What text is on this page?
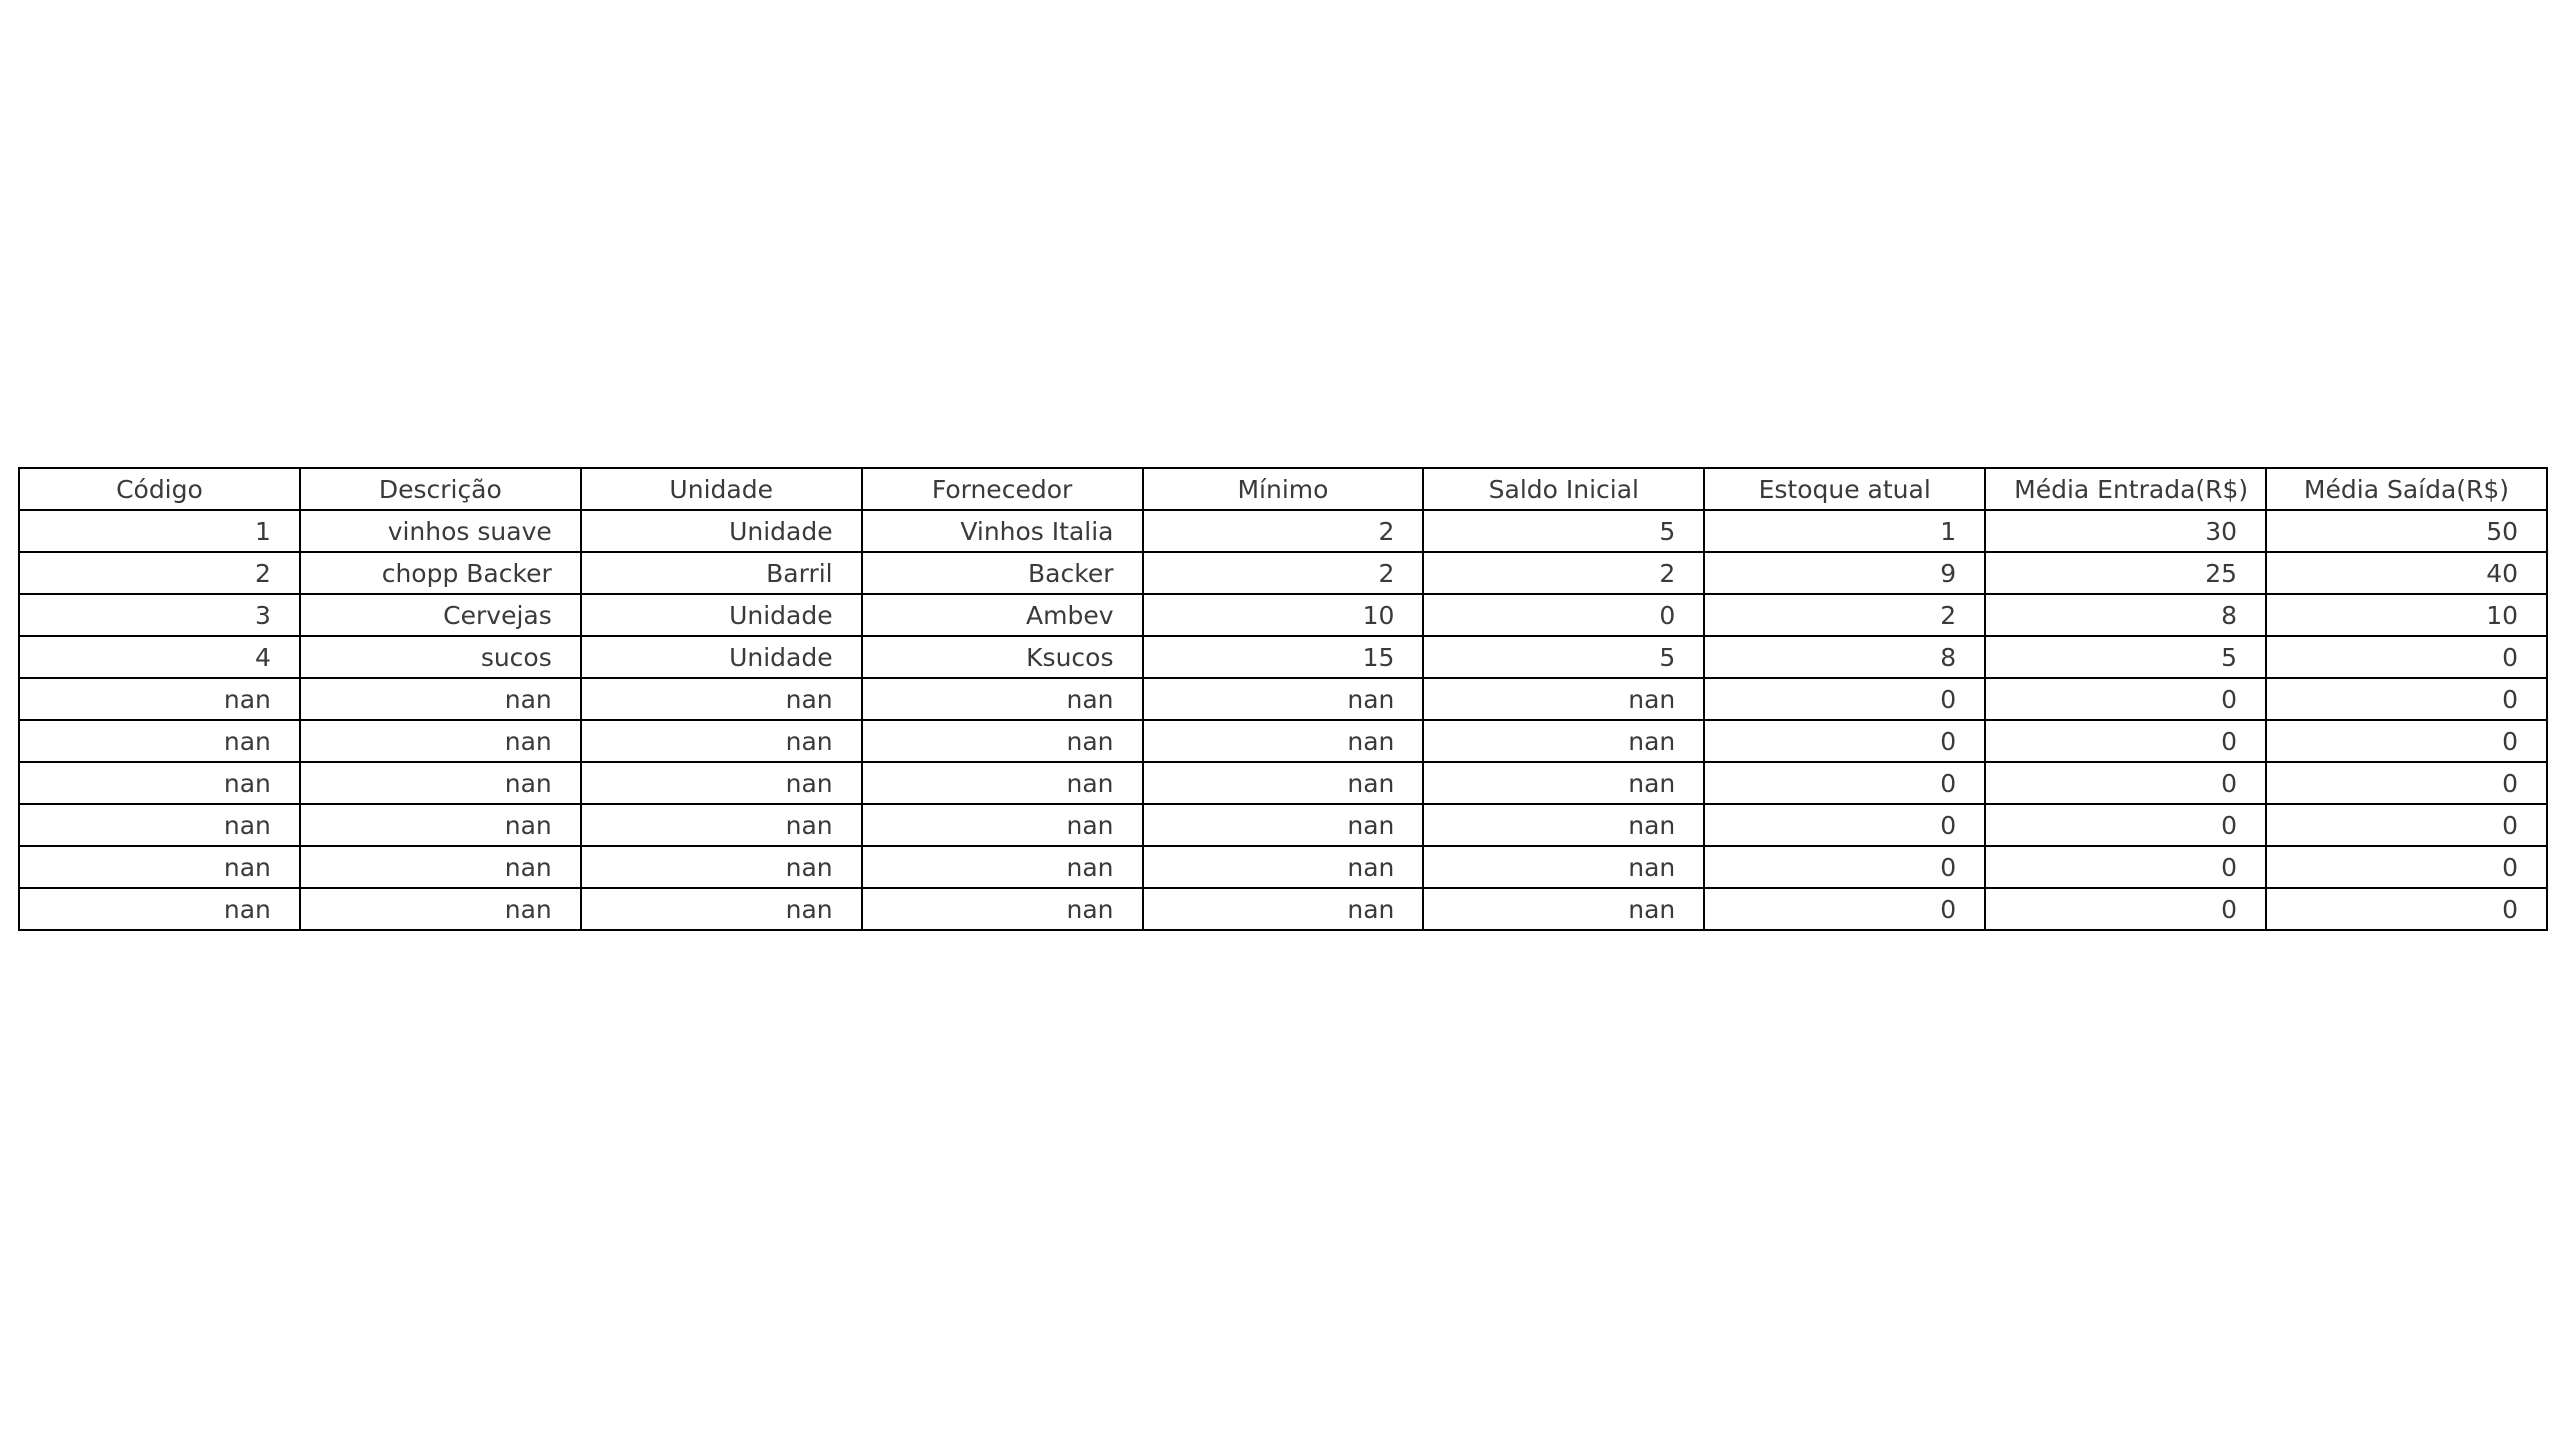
Código	Descrição	Unidade	Fornecedor	Mínimo	Saldo Inicial	Estoque atual	Média Entrada(R$)	Média Saída(R$)
1	vinhos suave	Unidade	Vinhos Italia	2	5	1	30	50
2	chopp Backer	Barril	Backer	2	2	9	25	40
3	Cervejas	Unidade	Ambev	10	0	2	8	10
4	sucos	Unidade	Ksucos	15	5	8	5	0
nan	nan	nan	nan	nan	nan	0	0	0
nan	nan	nan	nan	nan	nan	0	0	0
nan	nan	nan	nan	nan	nan	0	0	0
nan	nan	nan	nan	nan	nan	0	0	0
nan	nan	nan	nan	nan	nan	0	0	0
nan	nan	nan	nan	nan	nan	0	0	0
